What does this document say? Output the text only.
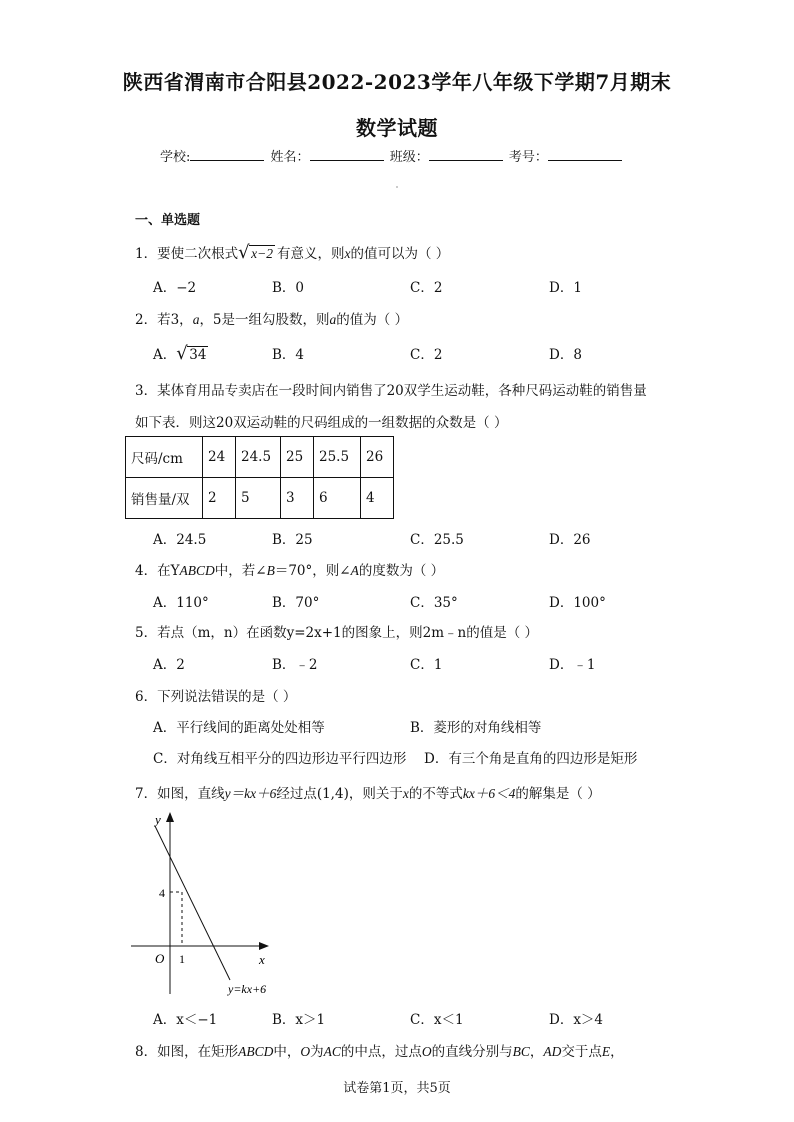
陕西省渭南市合阳县2022-2023学年八年级下学期7月期末
数学试题
学校:	姓名：	班级：	考号：
一、单选题
1．要使二次根式 √ x−2 有意义，则x的值可以为（ ）
A．−2	B．0	C．2	D．1
2．若3，a，5是一组勾股数，则a的值为（ ）
A． √ 34	B．4	C．2	D．8
3．某体育用品专卖店在一段时间内销售了20双学生运动鞋，各种尺码运动鞋的销售量
如下表．则这20双运动鞋的尺码组成的一组数据的众数是（ ）
尺码/cm	24	24.5	25	25.5	26
销售量/双	2	5	3	6	4
A．24.5	B．25	C．25.5	D．26
4．在YABCD中，若∠B＝70°，则∠A的度数为（ ）
A．110°	B．70°	C．35°	D．100°
5．若点（m，n）在函数y=2x+1的图象上，则2m﹣n的值是（ ）
A．2	B．﹣2	C．1	D．﹣1
6．下列说法错误的是（ ）
A．平行线间的距离处处相等	B．菱形的对角线相等
C．对角线互相平分的四边形边平行四边形 D．有三个角是直角的四边形是矩形
7．如图，直线y＝kx＋6经过点(1,4)，则关于x的不等式kx＋6＜4的解集是（ ）
y
x
O 1
4
y=kx+6
A．x＜−1	B．x＞1	C．x＜1	D．x＞4
8．如图，在矩形ABCD中，O为AC的中点，过点O的直线分别与BC，AD交于点E，
试卷第1页，共5页
